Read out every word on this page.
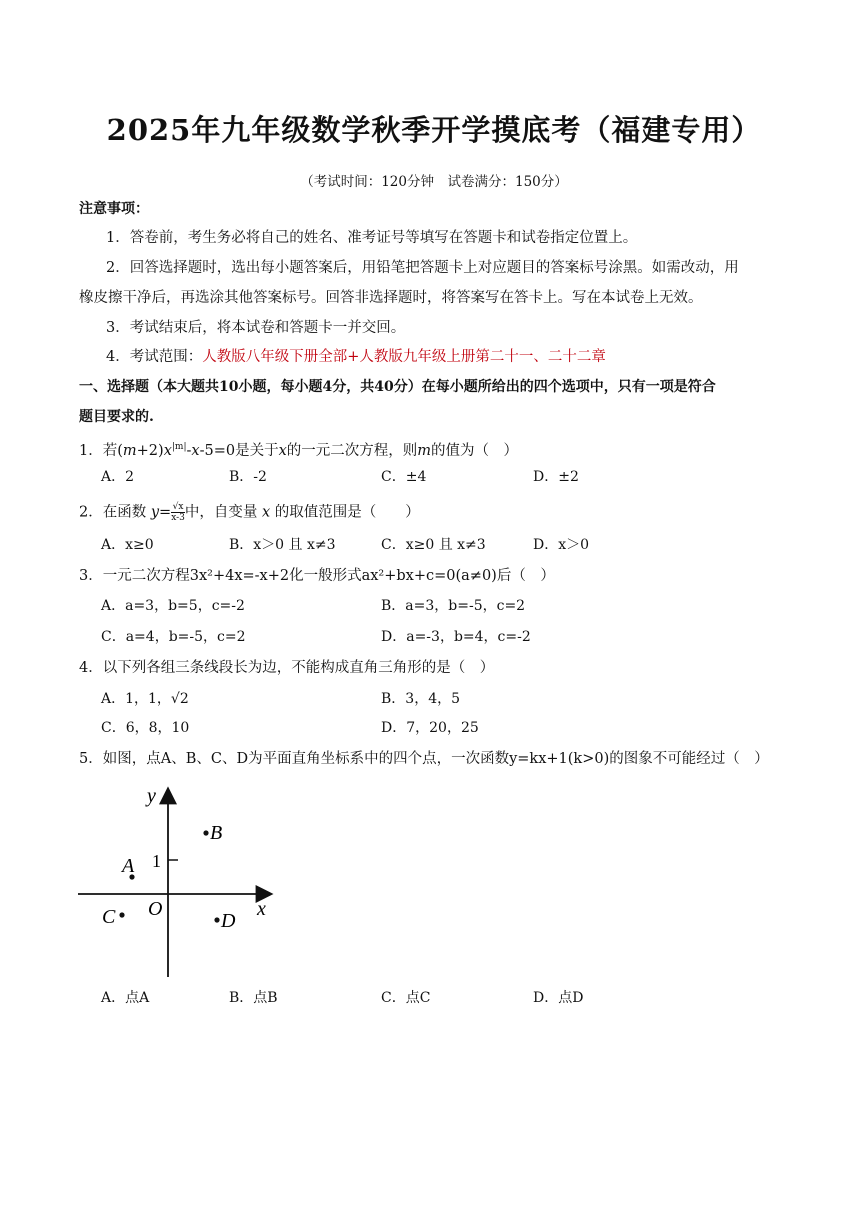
2025年九年级数学秋季开学摸底考（福建专用）
（考试时间：120分钟　试卷满分：150分）
注意事项：
1．答卷前，考生务必将自己的姓名、准考证号等填写在答题卡和试卷指定位置上。
2．回答选择题时，选出每小题答案后，用铅笔把答题卡上对应题目的答案标号涂黑。如需改动，用
橡皮擦干净后，再选涂其他答案标号。回答非选择题时，将答案写在答卡上。写在本试卷上无效。
3．考试结束后，将本试卷和答题卡一并交回。
4．考试范围：人教版八年级下册全部+人教版九年级上册第二十一、二十二章
一、选择题（本大题共10小题，每小题4分，共40分）在每小题所给出的四个选项中，只有一项是符合
题目要求的.
1．若$(m+2)x^{|m|}-x-5=0$是关于x的一元二次方程，则m的值为（　）
A．2	B．-2	C．±4	D．±2
2．在函数 $y= \frac{√x}{x-3}$ 中，自变量 x 的取值范围是（　　）
A．x≥0	B．x＞0 且 x≠3	C．x≥0 且 x≠3	D．x＞0
3．一元二次方程3x²+4x=-x+2化一般形式ax²+bx+c=0(a≠0)后（　）
A．a=3，b=5，c=-2	B．a=3，b=-5，c=2
C．a=4，b=-5，c=2	D．a=-3，b=4，c=-2
4．以下列各组三条线段长为边，不能构成直角三角形的是（　）
A．1，1，√2	B．3，4，5
C．6，8，10	D．7，20，25
5．如图，点A、B、C、D为平面直角坐标系中的四个点，一次函数y=kx+1(k>0)的图象不可能经过（　）
y
x
O
1
B
A
C	D
A．点A	B．点B	C．点C	D．点D
